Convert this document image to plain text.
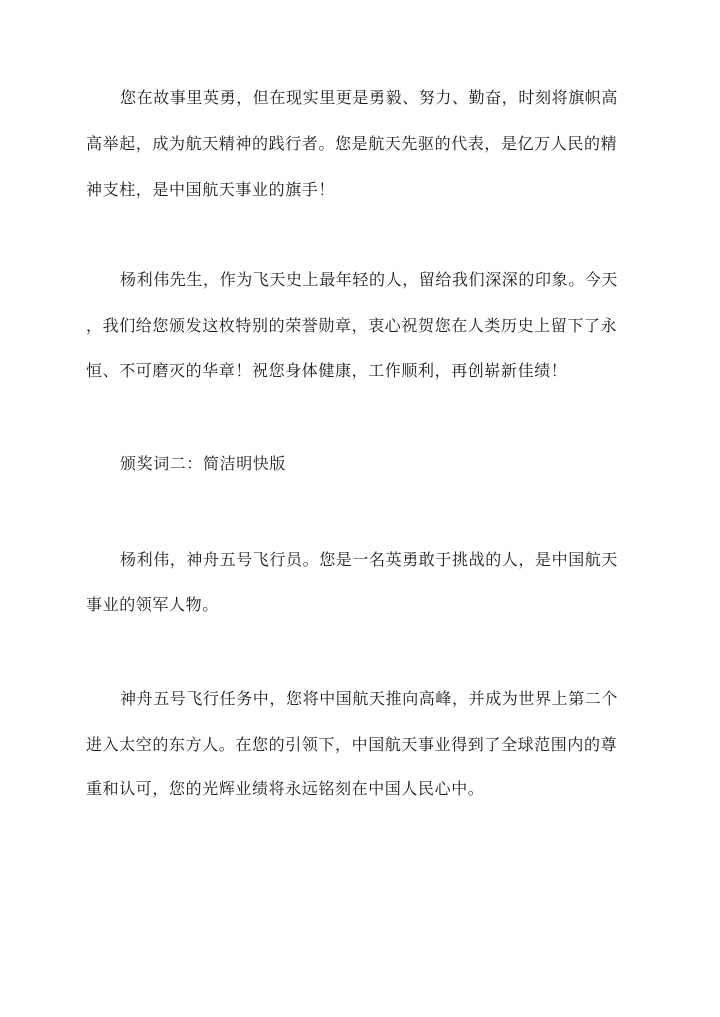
您在故事里英勇，但在现实里更是勇毅、努力、勤奋，时刻将旗帜高
高举起，成为航天精神的践行者。您是航天先驱的代表，是亿万人民的精
神支柱，是中国航天事业的旗手！
杨利伟先生，作为飞天史上最年轻的人，留给我们深深的印象。今天
，我们给您颁发这枚特别的荣誉勋章，衷心祝贺您在人类历史上留下了永
恒、不可磨灭的华章！祝您身体健康，工作顺利，再创崭新佳绩！
颁奖词二：简洁明快版
杨利伟，神舟五号飞行员。您是一名英勇敢于挑战的人，是中国航天
事业的领军人物。
神舟五号飞行任务中，您将中国航天推向高峰，并成为世界上第二个
进入太空的东方人。在您的引领下，中国航天事业得到了全球范围内的尊
重和认可，您的光辉业绩将永远铭刻在中国人民心中。
